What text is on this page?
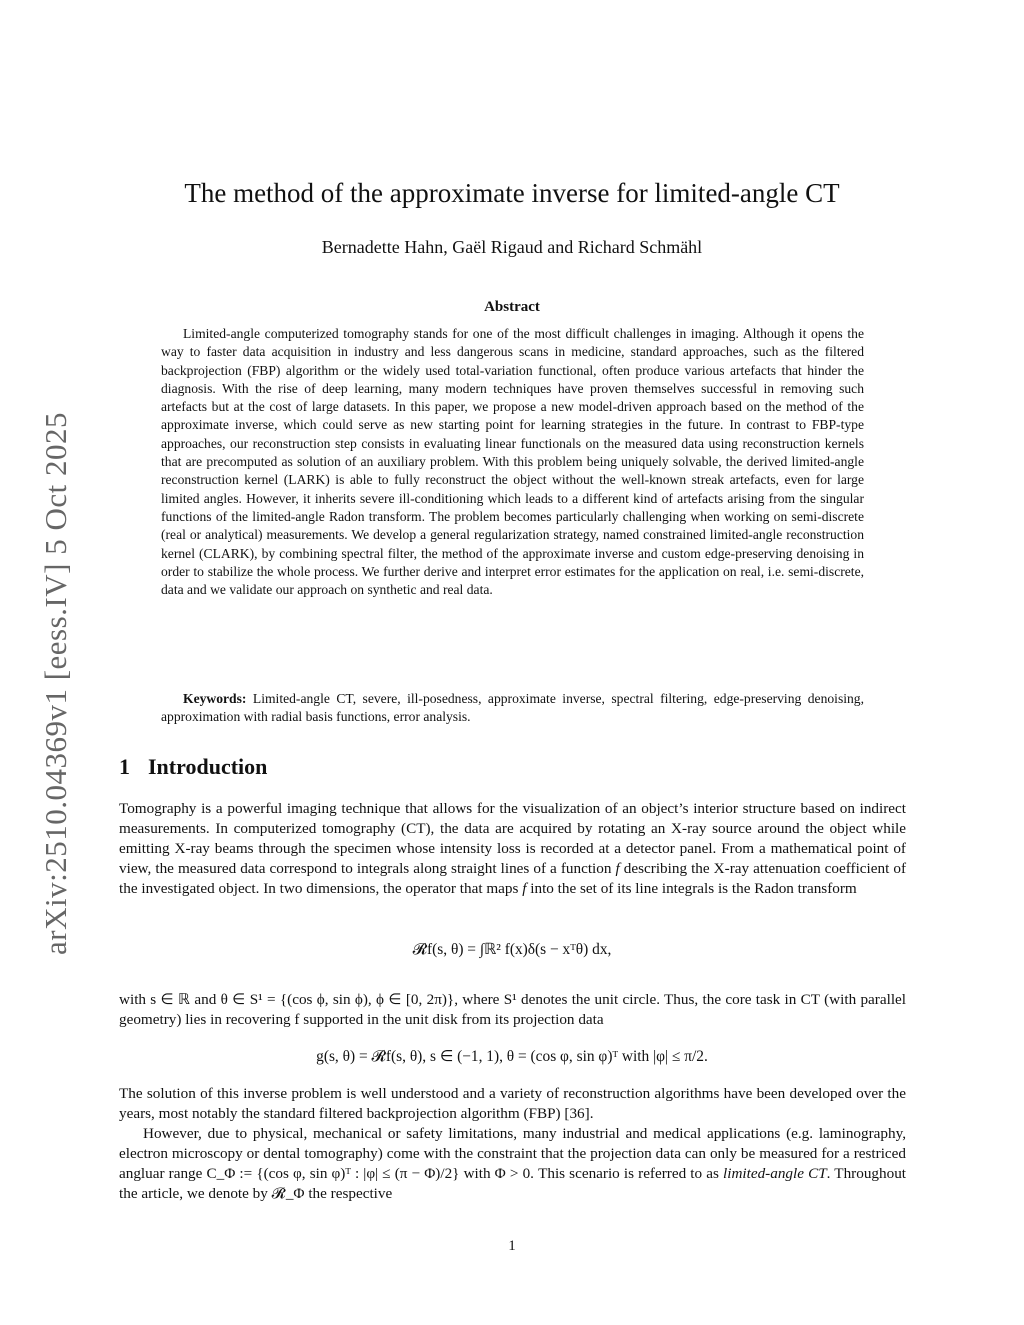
arXiv:2510.04369v1 [eess.IV] 5 Oct 2025
The method of the approximate inverse for limited-angle CT
Bernadette Hahn, Gaël Rigaud and Richard Schmähl
Abstract
Limited-angle computerized tomography stands for one of the most difficult challenges in imaging. Although it opens the way to faster data acquisition in industry and less dangerous scans in medicine, standard approaches, such as the filtered backprojection (FBP) algorithm or the widely used total-variation functional, often produce various artefacts that hinder the diagnosis. With the rise of deep learning, many modern techniques have proven themselves successful in removing such artefacts but at the cost of large datasets. In this paper, we propose a new model-driven approach based on the method of the approximate inverse, which could serve as new starting point for learning strategies in the future. In contrast to FBP-type approaches, our reconstruction step consists in evaluating linear functionals on the measured data using reconstruction kernels that are precomputed as solution of an auxiliary problem. With this problem being uniquely solvable, the derived limited-angle reconstruction kernel (LARK) is able to fully reconstruct the object without the well-known streak artefacts, even for large limited angles. However, it inherits severe ill-conditioning which leads to a different kind of artefacts arising from the singular functions of the limited-angle Radon transform. The problem becomes particularly challenging when working on semi-discrete (real or analytical) measurements. We develop a general regularization strategy, named constrained limited-angle reconstruction kernel (CLARK), by combining spectral filter, the method of the approximate inverse and custom edge-preserving denoising in order to stabilize the whole process. We further derive and interpret error estimates for the application on real, i.e. semi-discrete, data and we validate our approach on synthetic and real data.
Keywords: Limited-angle CT, severe, ill-posedness, approximate inverse, spectral filtering, edge-preserving denoising, approximation with radial basis functions, error analysis.
1 Introduction
Tomography is a powerful imaging technique that allows for the visualization of an object’s interior structure based on indirect measurements. In computerized tomography (CT), the data are acquired by rotating an X-ray source around the object while emitting X-ray beams through the specimen whose intensity loss is recorded at a detector panel. From a mathematical point of view, the measured data correspond to integrals along straight lines of a function f describing the X-ray attenuation coefficient of the investigated object. In two dimensions, the operator that maps f into the set of its line integrals is the Radon transform
𝓡f(s, θ) = ∫ℝ² f(x)δ(s − xᵀθ) dx,
with s ∈ ℝ and θ ∈ S¹ = {(cos ϕ, sin ϕ), ϕ ∈ [0, 2π)}, where S¹ denotes the unit circle. Thus, the core task in CT (with parallel geometry) lies in recovering f supported in the unit disk from its projection data
g(s, θ) = 𝓡f(s, θ), s ∈ (−1, 1), θ = (cos φ, sin φ)ᵀ with |φ| ≤ π/2.
The solution of this inverse problem is well understood and a variety of reconstruction algorithms have been developed over the years, most notably the standard filtered backprojection algorithm (FBP) [36].
However, due to physical, mechanical or safety limitations, many industrial and medical applications (e.g. laminography, electron microscopy or dental tomography) come with the constraint that the projection data can only be measured for a restriced angluar range C_Φ := {(cos φ, sin φ)ᵀ : |φ| ≤ (π − Φ)/2} with Φ > 0. This scenario is referred to as limited-angle CT. Throughout the article, we denote by 𝓡_Φ the respective
1
